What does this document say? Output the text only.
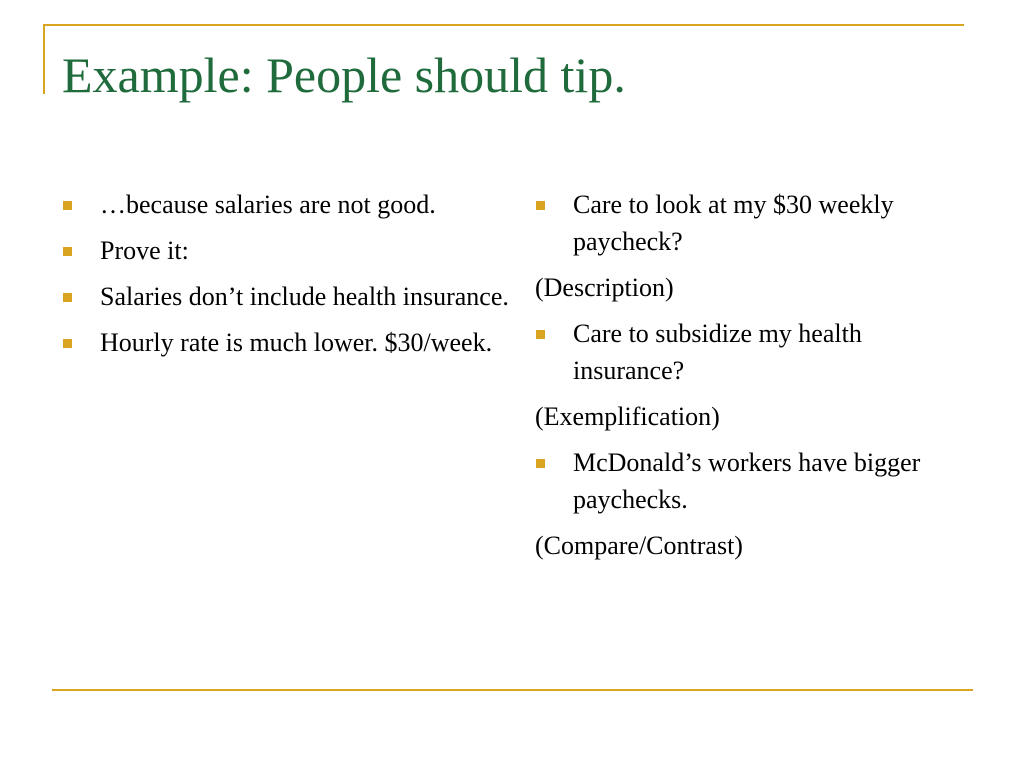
Example: People should tip.
…because salaries are not good.
Prove it:
Salaries don’t include health insurance.
Hourly rate is much lower. $30/week.
Care to look at my $30 weekly paycheck?
(Description)
Care to subsidize my health insurance?
(Exemplification)
McDonald’s workers have bigger paychecks.
(Compare/Contrast)
